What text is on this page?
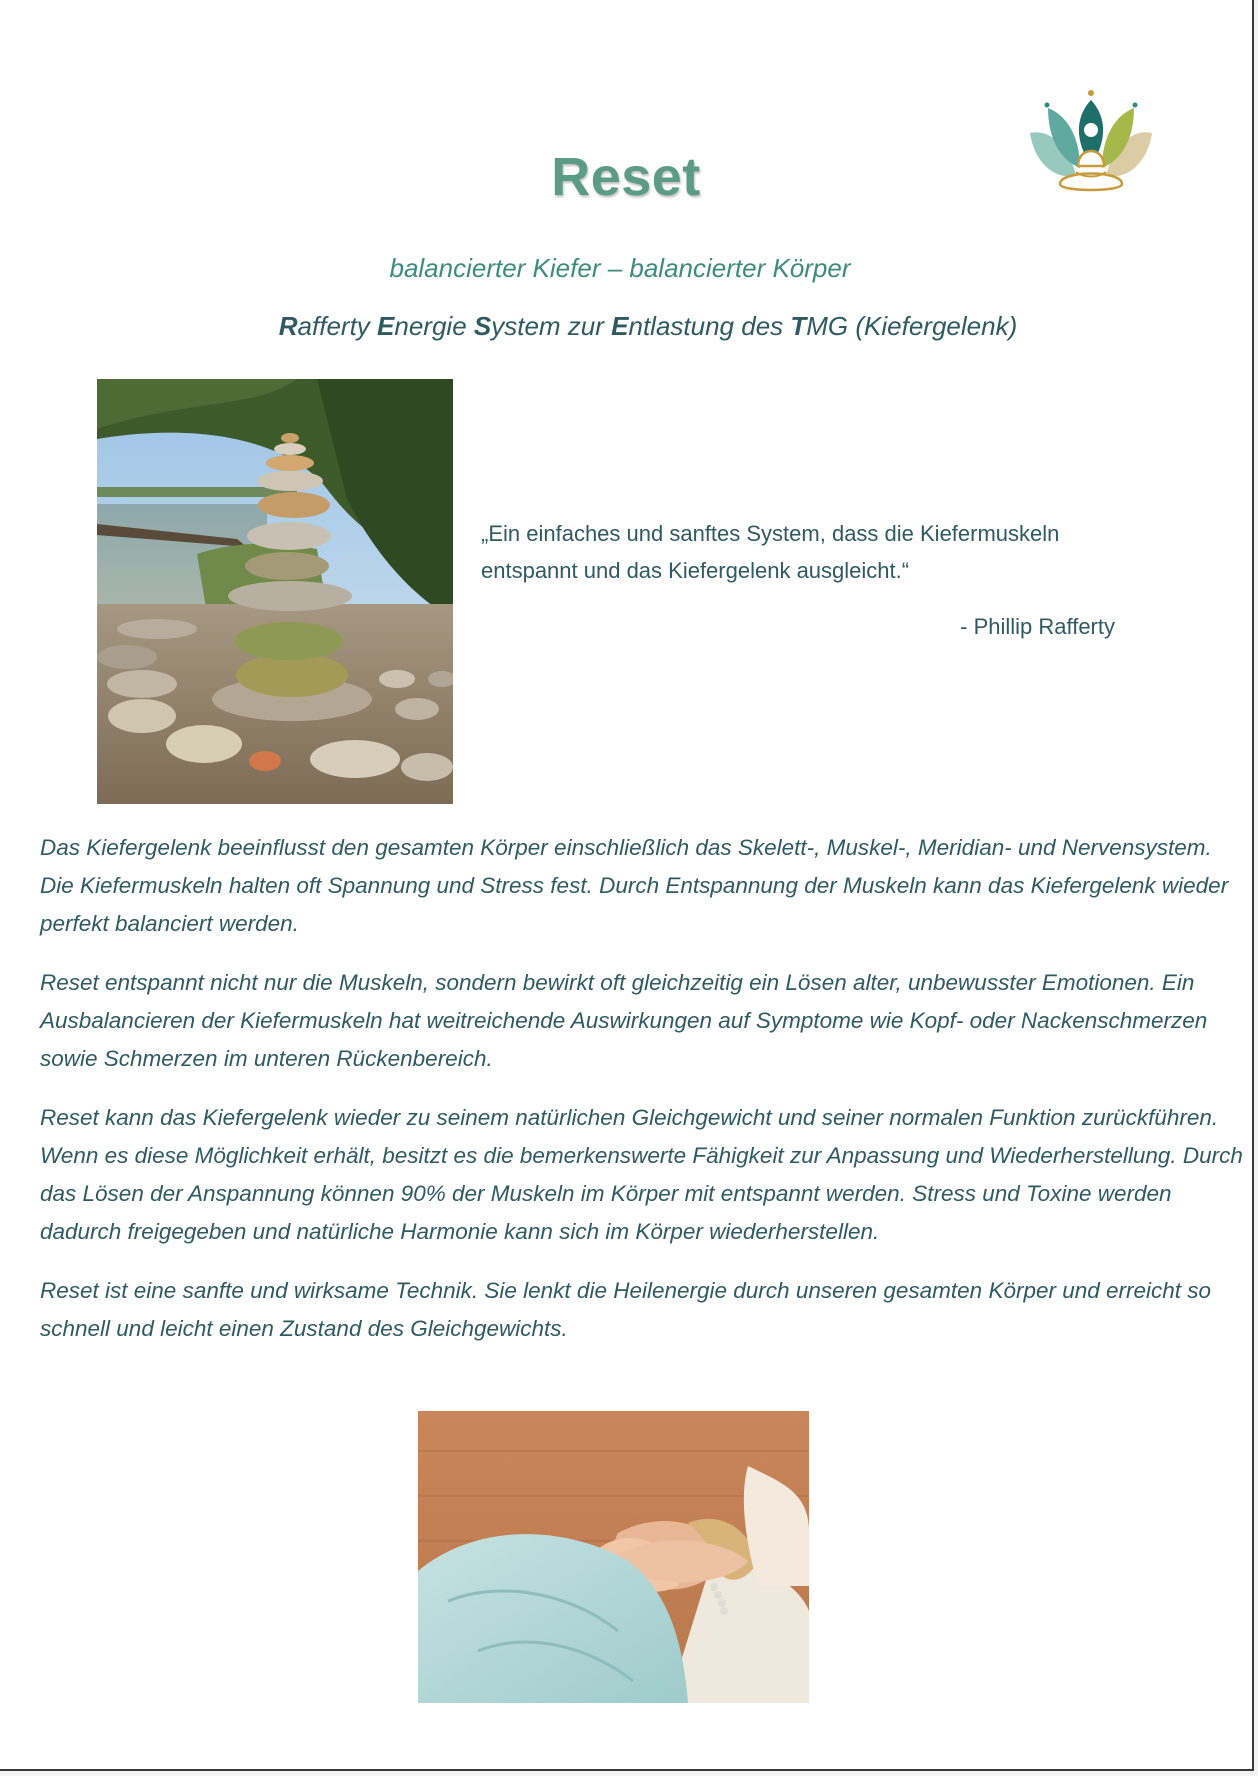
Reset
balancierter Kiefer – balancierter Körper
Rafferty Energie System zur Entlastung des TMG (Kiefergelenk)
„Ein einfaches und sanftes System, dass die Kiefermuskeln entspannt und das Kiefergelenk ausgleicht.“
- Phillip Rafferty

Das Kiefergelenk beeinflusst den gesamten Körper einschließlich das Skelett-, Muskel-, Meridian- und Nervensystem. Die Kiefermuskeln halten oft Spannung und Stress fest. Durch Entspannung der Muskeln kann das Kiefergelenk wieder perfekt balanciert werden.

Reset entspannt nicht nur die Muskeln, sondern bewirkt oft gleichzeitig ein Lösen alter, unbewusster Emotionen. Ein Ausbalancieren der Kiefermuskeln hat weitreichende Auswirkungen auf Symptome wie Kopf- oder Nackenschmerzen sowie Schmerzen im unteren Rückenbereich.

Reset kann das Kiefergelenk wieder zu seinem natürlichen Gleichgewicht und seiner normalen Funktion zurückführen. Wenn es diese Möglichkeit erhält, besitzt es die bemerkenswerte Fähigkeit zur Anpassung und Wiederherstellung. Durch das Lösen der Anspannung können 90% der Muskeln im Körper mit entspannt werden. Stress und Toxine werden dadurch freigegeben und natürliche Harmonie kann sich im Körper wiederherstellen.

Reset ist eine sanfte und wirksame Technik. Sie lenkt die Heilenergie durch unseren gesamten Körper und erreicht so schnell und leicht einen Zustand des Gleichgewichts.
